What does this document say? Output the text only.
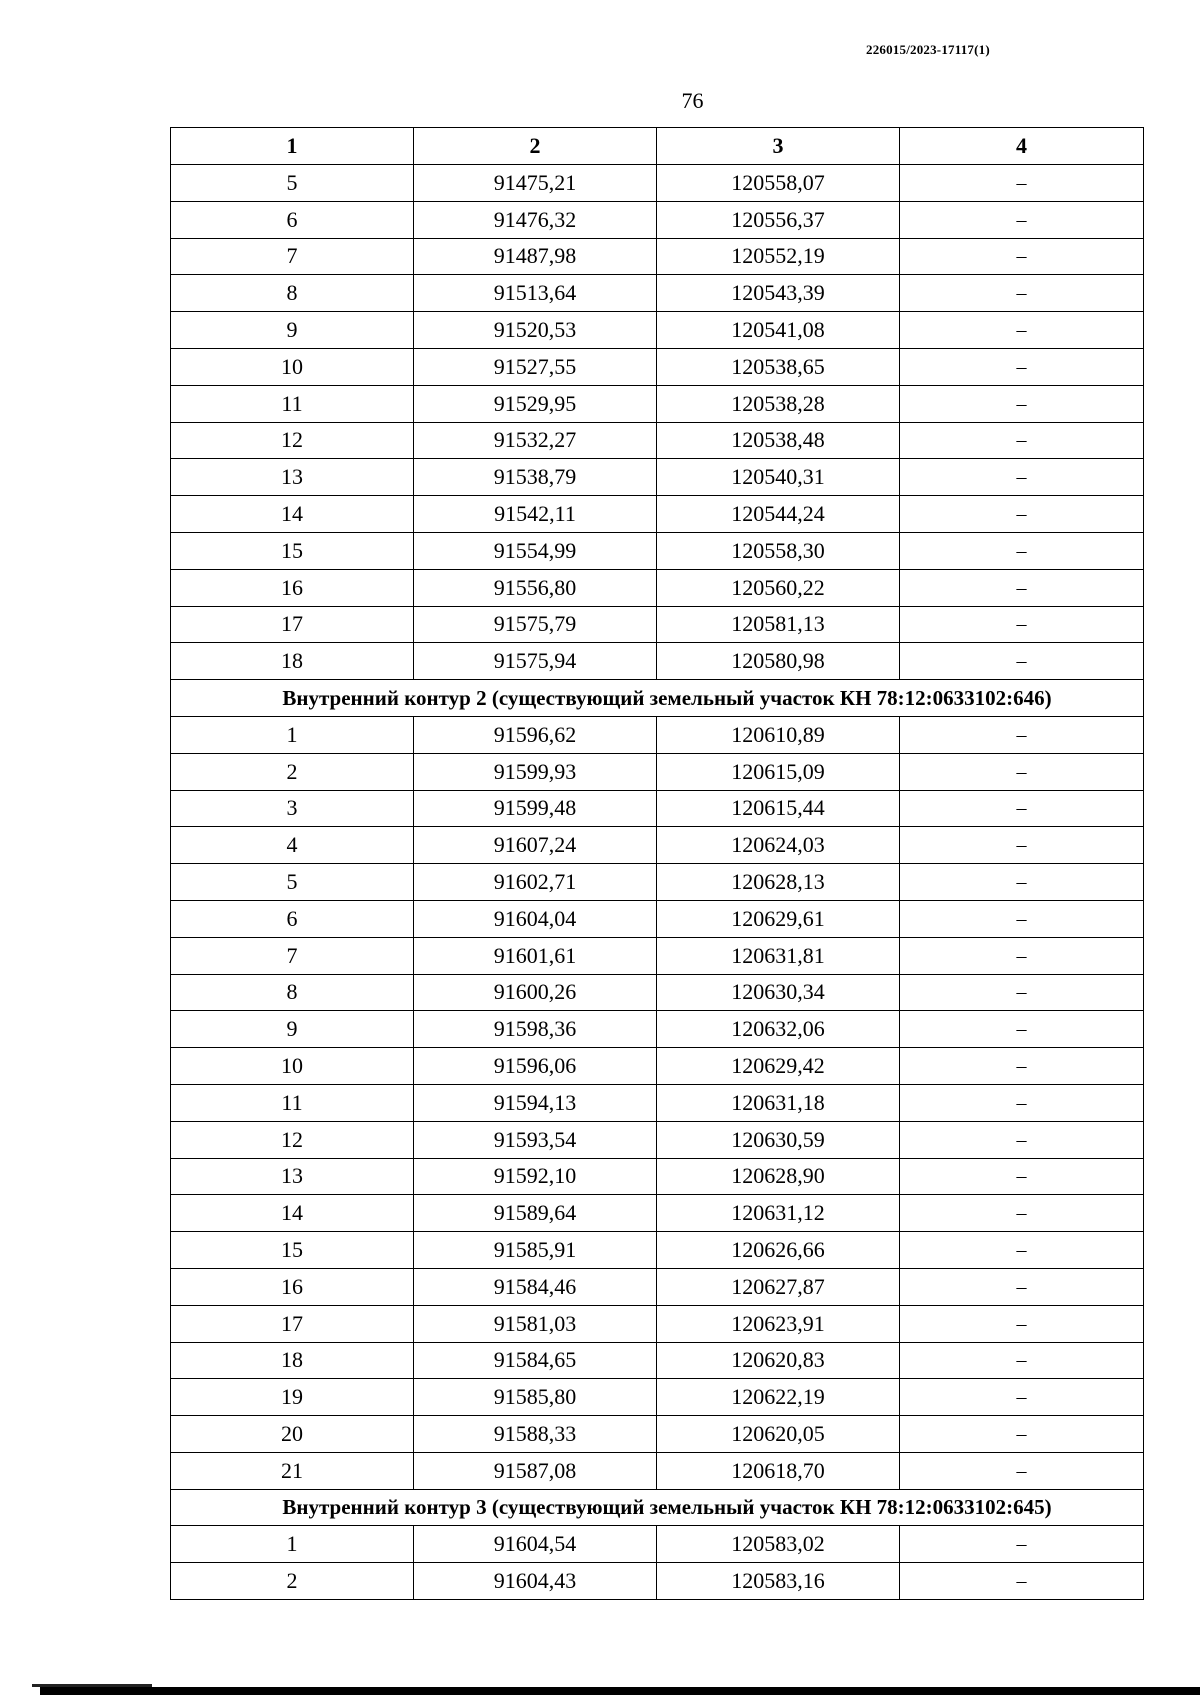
226015/2023-17117(1)
76
1	2	3	4
5	91475,21	120558,07	–
6	91476,32	120556,37	–
7	91487,98	120552,19	–
8	91513,64	120543,39	–
9	91520,53	120541,08	–
10	91527,55	120538,65	–
11	91529,95	120538,28	–
12	91532,27	120538,48	–
13	91538,79	120540,31	–
14	91542,11	120544,24	–
15	91554,99	120558,30	–
16	91556,80	120560,22	–
17	91575,79	120581,13	–
18	91575,94	120580,98	–
Внутренний контур 2 (существующий земельный участок КН 78:12:0633102:646)			
1	91596,62	120610,89	–
2	91599,93	120615,09	–
3	91599,48	120615,44	–
4	91607,24	120624,03	–
5	91602,71	120628,13	–
6	91604,04	120629,61	–
7	91601,61	120631,81	–
8	91600,26	120630,34	–
9	91598,36	120632,06	–
10	91596,06	120629,42	–
11	91594,13	120631,18	–
12	91593,54	120630,59	–
13	91592,10	120628,90	–
14	91589,64	120631,12	–
15	91585,91	120626,66	–
16	91584,46	120627,87	–
17	91581,03	120623,91	–
18	91584,65	120620,83	–
19	91585,80	120622,19	–
20	91588,33	120620,05	–
21	91587,08	120618,70	–
Внутренний контур 3 (существующий земельный участок КН 78:12:0633102:645)			
1	91604,54	120583,02	–
2	91604,43	120583,16	–
